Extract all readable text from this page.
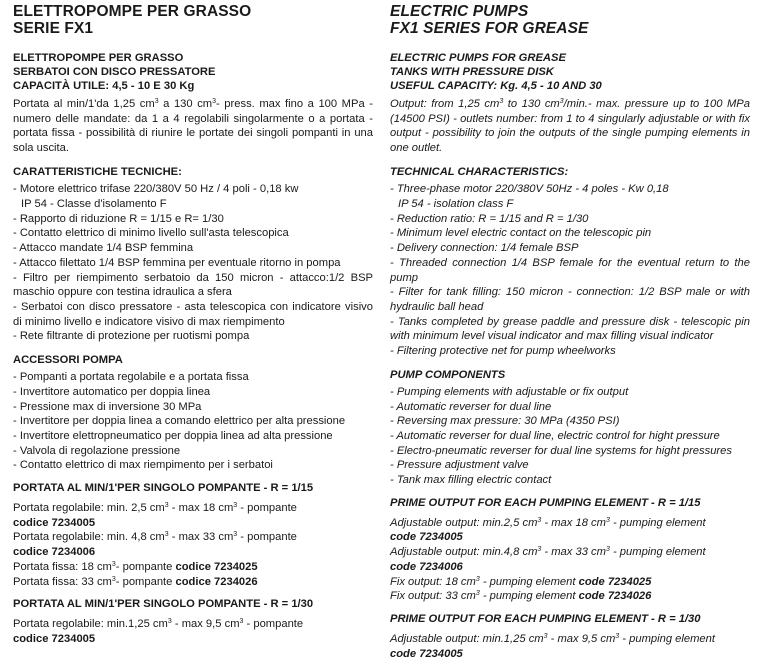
ELETTROPOMPE PER GRASSO
SERIE FX1
ELETTROPOMPE PER GRASSO
SERBATOI CON DISCO PRESSATORE
CAPACITÀ UTILE: 4,5 - 10 E 30 Kg
Portata al min/1'da 1,25 $cm^3$ a 130 $cm^3-$ press. max fino a 100 MPa - numero delle mandate: da 1 a 4 regolabili singolarmente o a portata - portata fissa - possibilità di riunire le portate dei singoli pompanti in una sola uscita.
CARATTERISTICHE TECNICHE:
- Motore elettrico trifase 220/380V 50 Hz / 4 poli - 0,18 kw
IP 54 - Classe d'isolamento F
- Rapporto di riduzione R = 1/15 e R= 1/30
- Contatto elettrico di minimo livello sull'asta telescopica
- Attacco mandate 1/4 BSP femmina
- Attacco filettato 1/4 BSP femmina per eventuale ritorno in pompa
- Filtro per riempimento serbatoio da 150 micron - attacco:1/2 BSP maschio oppure con testina idraulica a sfera
- Serbatoi con disco pressatore - asta telescopica con indicatore visivo di minimo livello e indicatore visivo di max riempimento
- Rete filtrante di protezione per ruotismi pompa
ACCESSORI POMPA
- Pompanti a portata regolabile e a portata fissa
- Invertitore automatico per doppia linea
- Pressione max di inversione 30 MPa
- Invertitore per doppia linea a comando elettrico per alta pressione
- Invertitore elettropneumatico per doppia linea ad alta pressione
- Valvola di regolazione pressione
- Contatto elettrico di max riempimento per i serbatoi
PORTATA AL MIN/1'PER SINGOLO POMPANTE - R = 1/15
Portata regolabile: min. 2,5 $cm^3$ - max 18 $cm^3$ - pompante
codice 7234005
Portata regolabile: min. 4,8 $cm^3$ - max 33 $cm^3$ - pompante
codice 7234006
Portata fissa: 18 $cm^3-$ pompante codice 7234025
Portata fissa: 33 $cm^3-$ pompante codice 7234026
PORTATA AL MIN/1'PER SINGOLO POMPANTE - R = 1/30
Portata regolabile: min.1,25 $cm^3$ - max 9,5 $cm^3$ - pompante
codice 7234005
ELECTRIC PUMPS
FX1 SERIES FOR GREASE
ELECTRIC PUMPS FOR GREASE
TANKS WITH PRESSURE DISK
USEFUL CAPACITY: Kg. 4,5 - 10 AND 30
Output: from 1,25 $cm^3$ to 130 $cm^3/\min.-$ max. pressure up to 100 MPa (14500 PSI) - outlets number: from 1 to 4 singularly adjustable or with fix output - possibility to join the outputs of the single pumping elements in one outlet.
TECHNICAL CHARACTERISTICS:
- Three-phase motor 220/380V 50Hz - 4 poles - Kw 0,18
IP 54 - isolation class F
- Reduction ratio: R = 1/15 and R = 1/30
- Minimum level electric contact on the telescopic pin
- Delivery connection: 1/4 female BSP
- Threaded connection 1/4 BSP female for the eventual return to the pump
- Filter for tank filling: 150 micron - connection: 1/2 BSP male or with hydraulic ball head
- Tanks completed by grease paddle and pressure disk - telescopic pin with minimum level visual indicator and max filling visual indicator
- Filtering protective net for pump wheelworks
PUMP COMPONENTS
- Pumping elements with adjustable or fix output
- Automatic reverser for dual line
- Reversing max pressure: 30 MPa (4350 PSI)
- Automatic reverser for dual line, electric control for hight pressure
- Electro-pneumatic reverser for dual line systems for hight pressures
- Pressure adjustment valve
- Tank max filling electric contact
PRIME OUTPUT FOR EACH PUMPING ELEMENT - R = 1/15
Adjustable output: min.2,5 $cm^3$ - max 18 $cm^3$ - pumping element
code 7234005
Adjustable output: min.4,8 $cm^3$ - max 33 $cm^3$ - pumping element
code 7234006
Fix output: 18 $cm^3$ - pumping element code 7234025
Fix output: 33 $cm^3$ - pumping element code 7234026
PRIME OUTPUT FOR EACH PUMPING ELEMENT - R = 1/30
Adjustable output: min.1,25 $cm^3$ - max 9,5 $cm^3$ - pumping element
code 7234005
